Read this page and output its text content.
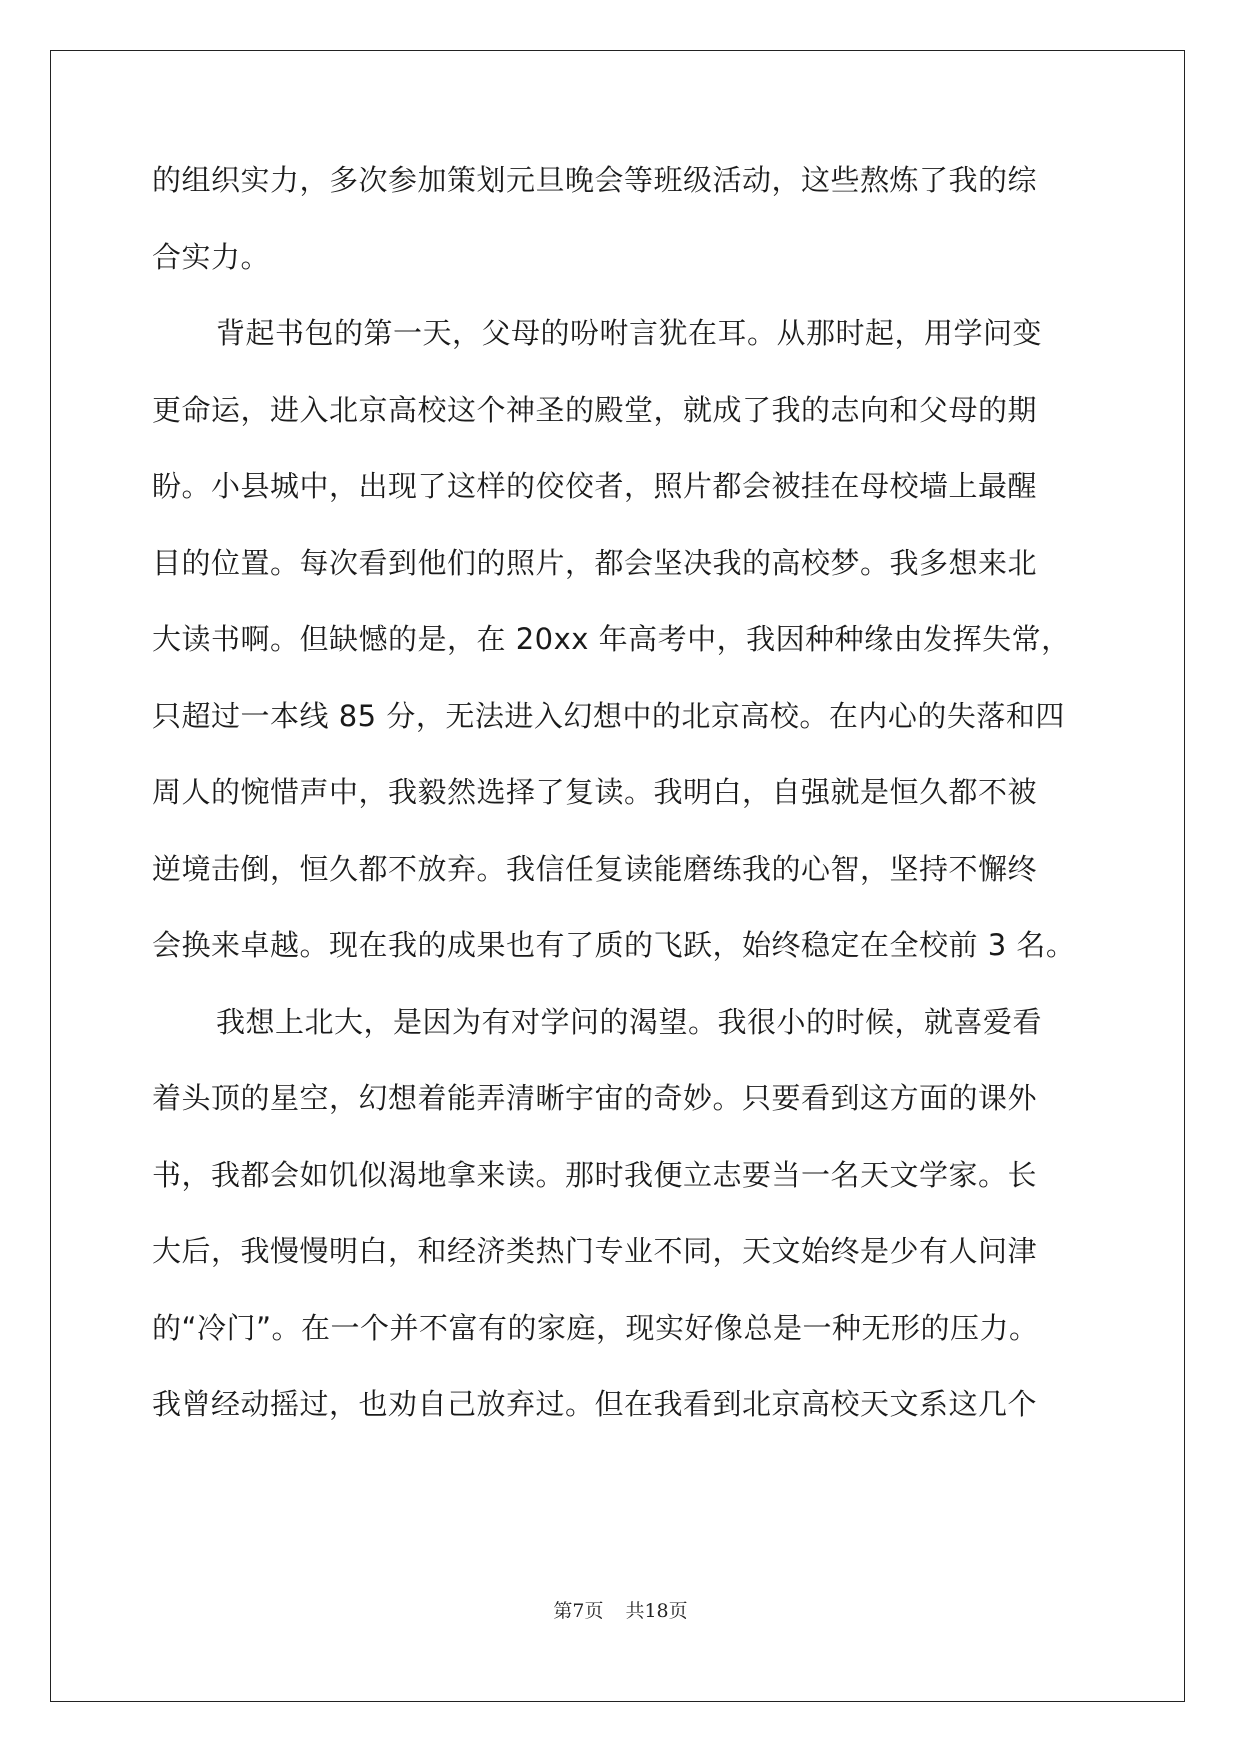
的组织实力，多次参加策划元旦晚会等班级活动，这些熬炼了我的综
合实力。
背起书包的第一天，父母的吩咐言犹在耳。从那时起，用学问变
更命运，进入北京高校这个神圣的殿堂，就成了我的志向和父母的期
盼。小县城中，出现了这样的佼佼者，照片都会被挂在母校墙上最醒
目的位置。每次看到他们的照片，都会坚决我的高校梦。我多想来北
大读书啊。但缺憾的是，在 20xx 年高考中，我因种种缘由发挥失常，
只超过一本线 85 分，无法进入幻想中的北京高校。在内心的失落和四
周人的惋惜声中，我毅然选择了复读。我明白，自强就是恒久都不被
逆境击倒，恒久都不放弃。我信任复读能磨练我的心智，坚持不懈终
会换来卓越。现在我的成果也有了质的飞跃，始终稳定在全校前 3 名。
我想上北大，是因为有对学问的渴望。我很小的时候，就喜爱看
着头顶的星空，幻想着能弄清晰宇宙的奇妙。只要看到这方面的课外
书，我都会如饥似渴地拿来读。那时我便立志要当一名天文学家。长
大后，我慢慢明白，和经济类热门专业不同，天文始终是少有人问津
的“冷门”。在一个并不富有的家庭，现实好像总是一种无形的压力。
我曾经动摇过，也劝自己放弃过。但在我看到北京高校天文系这几个
第7页 共18页
